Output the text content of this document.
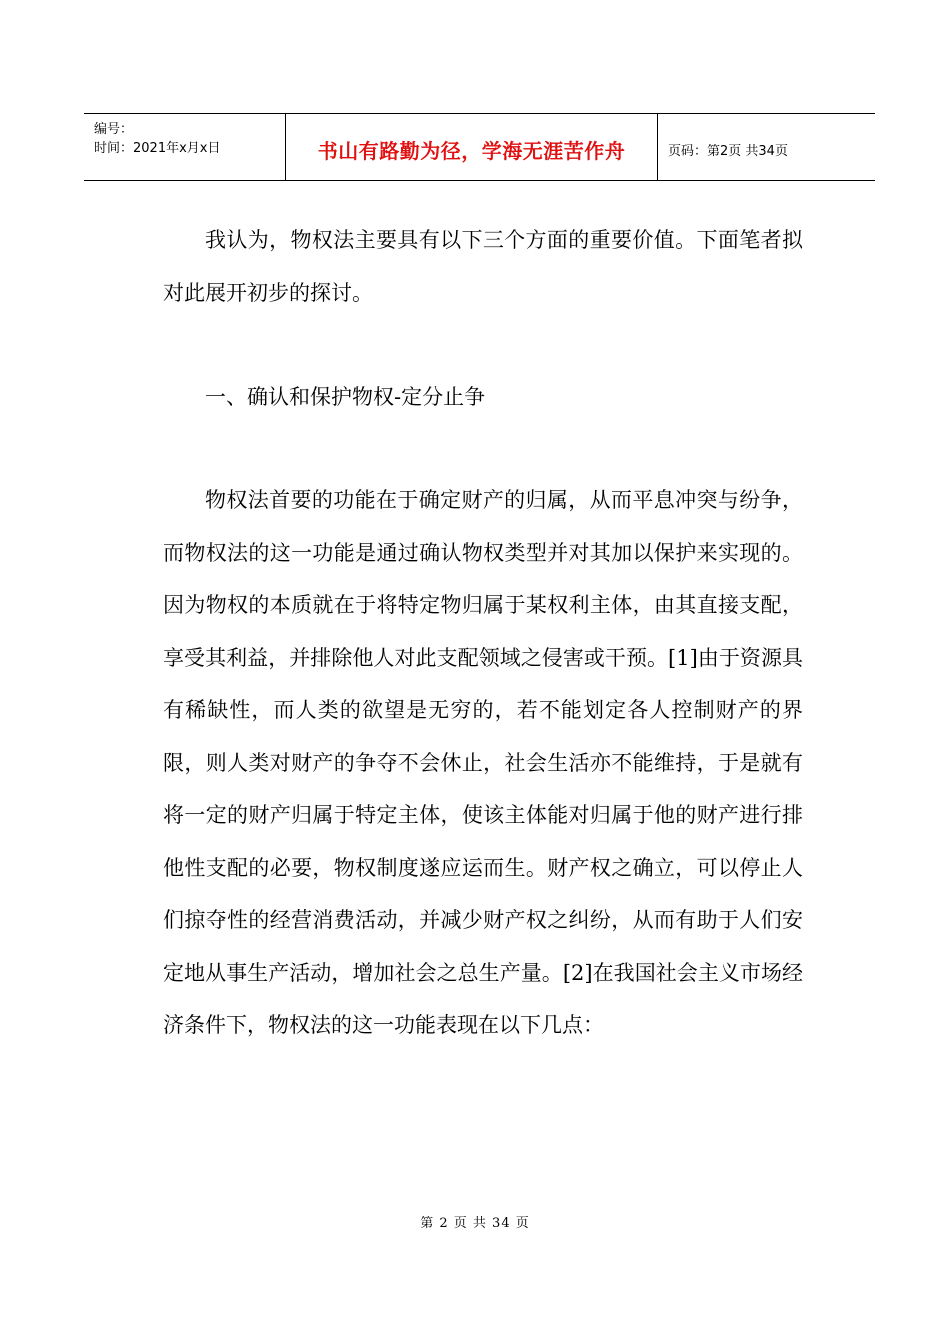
编号：
时间：2021年x月x日	书山有路勤为径，学海无涯苦作舟	页码：第2页 共34页

我认为，物权法主要具有以下三个方面的重要价值。下面笔者拟对此展开初步的探讨。

一、确认和保护物权-定分止争

物权法首要的功能在于确定财产的归属，从而平息冲突与纷争，而物权法的这一功能是通过确认物权类型并对其加以保护来实现的。因为物权的本质就在于将特定物归属于某权利主体，由其直接支配，享受其利益，并排除他人对此支配领域之侵害或干预。[1]由于资源具有稀缺性，而人类的欲望是无穷的，若不能划定各人控制财产的界限，则人类对财产的争夺不会休止，社会生活亦不能维持，于是就有将一定的财产归属于特定主体，使该主体能对归属于他的财产进行排他性支配的必要，物权制度遂应运而生。财产权之确立，可以停止人们掠夺性的经营消费活动，并减少财产权之纠纷，从而有助于人们安定地从事生产活动，增加社会之总生产量。[2]在我国社会主义市场经济条件下，物权法的这一功能表现在以下几点：

第 2 页 共 34 页
